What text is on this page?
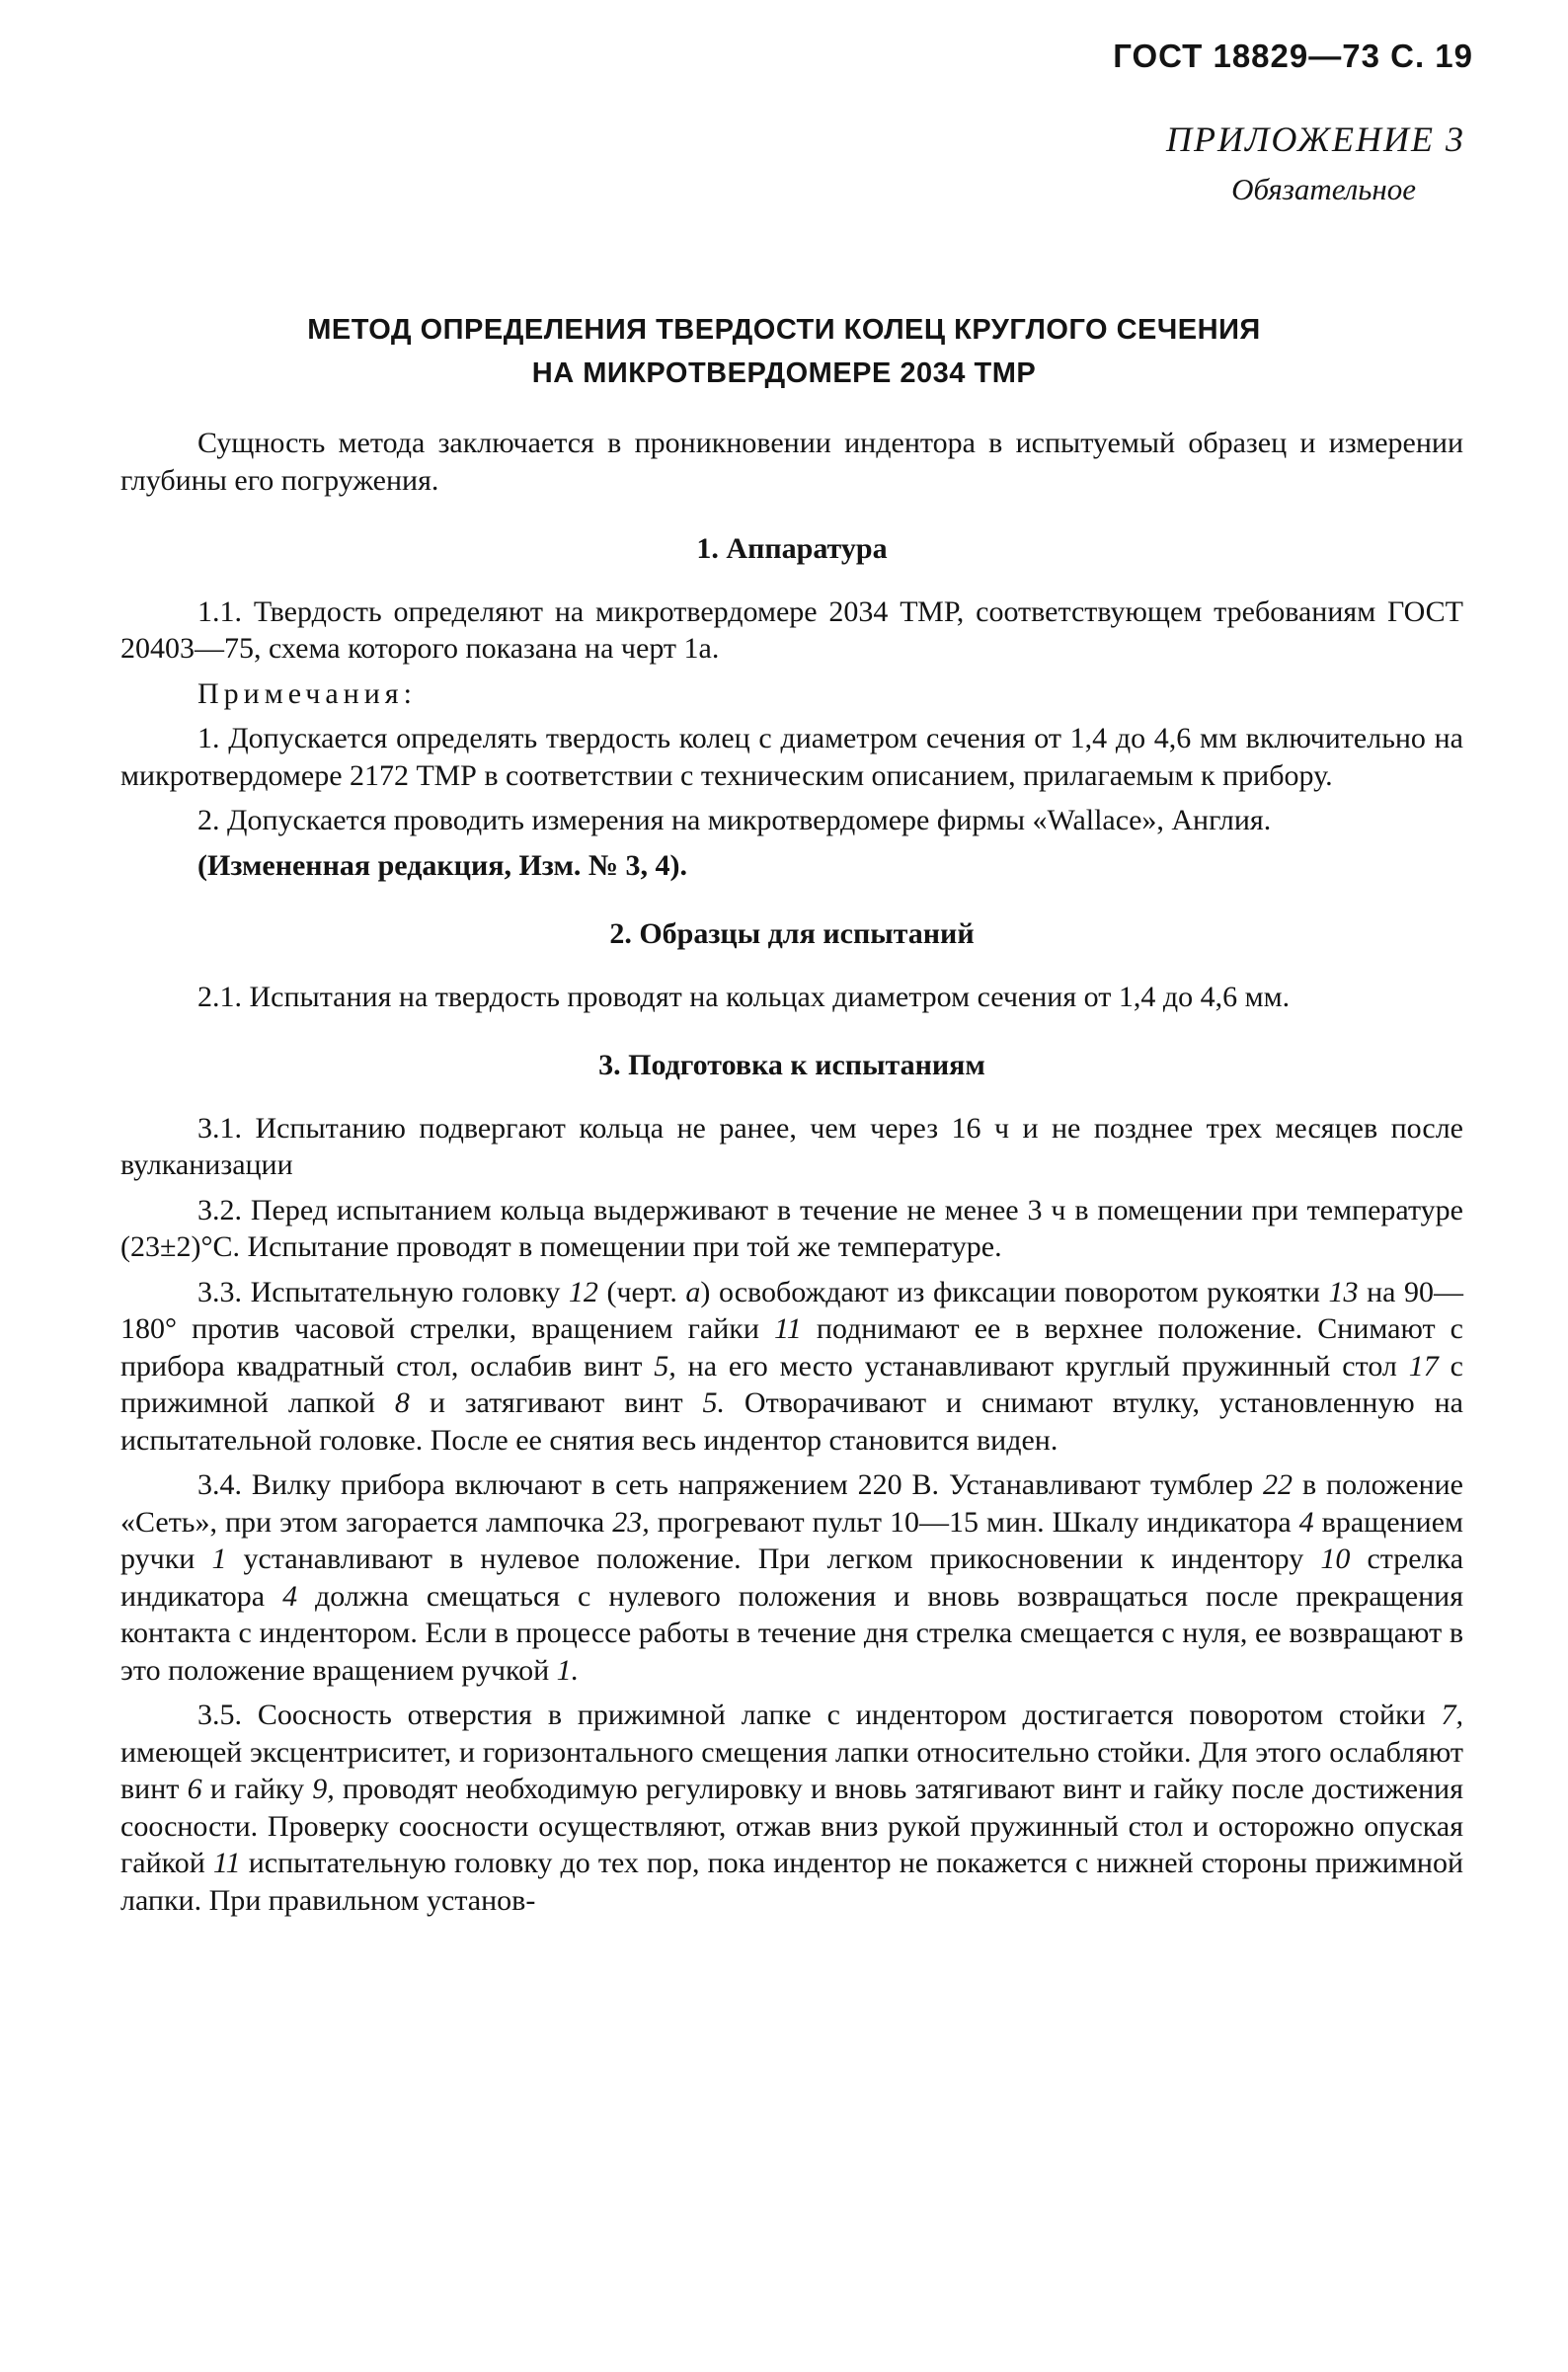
ГОСТ 18829—73 С. 19
ПРИЛОЖЕНИЕ 3
Обязательное
МЕТОД ОПРЕДЕЛЕНИЯ ТВЕРДОСТИ КОЛЕЦ КРУГЛОГО СЕЧЕНИЯ
НА МИКРОТВЕРДОМЕРЕ 2034 ТМР

Сущность метода заключается в проникновении индентора в испытуемый образец и измерении глубины его погружения.

1. Аппаратура

1.1. Твердость определяют на микротвердомере 2034 ТМР, соответствующем требованиям ГОСТ 20403—75, схема которого показана на черт 1а.

Примечания:

1. Допускается определять твердость колец с диаметром сечения от 1,4 до 4,6 мм включительно на микротвердомере 2172 ТМР в соответствии с техническим описанием, прилагаемым к прибору.

2. Допускается проводить измерения на микротвердомере фирмы «Wallace», Англия.

(Измененная редакция, Изм. № 3, 4).

2. Образцы для испытаний

2.1. Испытания на твердость проводят на кольцах диаметром сечения от 1,4 до 4,6 мм.

3. Подготовка к испытаниям

3.1. Испытанию подвергают кольца не ранее, чем через 16 ч и не позднее трех месяцев после вулканизации

3.2. Перед испытанием кольца выдерживают в течение не менее 3 ч в помещении при температуре (23±2)°С. Испытание проводят в помещении при той же температуре.

3.3. Испытательную головку 12 (черт. а) освобождают из фиксации поворотом рукоятки 13 на 90—180° против часовой стрелки, вращением гайки 11 поднимают ее в верхнее положение. Снимают с прибора квадратный стол, ослабив винт 5, на его место устанавливают круглый пружинный стол 17 с прижимной лапкой 8 и затягивают винт 5. Отворачивают и снимают втулку, установленную на испытательной головке. После ее снятия весь индентор становится виден.

3.4. Вилку прибора включают в сеть напряжением 220 В. Устанавливают тумблер 22 в положение «Сеть», при этом загорается лампочка 23, прогревают пульт 10—15 мин. Шкалу индикатора 4 вращением ручки 1 устанавливают в нулевое положение. При легком прикосновении к индентору 10 стрелка индикатора 4 должна смещаться с нулевого положения и вновь возвращаться после прекращения контакта с индентором. Если в процессе работы в течение дня стрелка смещается с нуля, ее возвращают в это положение вращением ручкой 1.

3.5. Соосность отверстия в прижимной лапке с индентором достигается поворотом стойки 7, имеющей эксцентриситет, и горизонтального смещения лапки относительно стойки. Для этого ослабляют винт 6 и гайку 9, проводят необходимую регулировку и вновь затягивают винт и гайку после достижения соосности. Проверку соосности осуществляют, отжав вниз рукой пружинный стол и осторожно опуская гайкой 11 испытательную головку до тех пор, пока индентор не покажется с нижней стороны прижимной лапки. При правильном установ-
